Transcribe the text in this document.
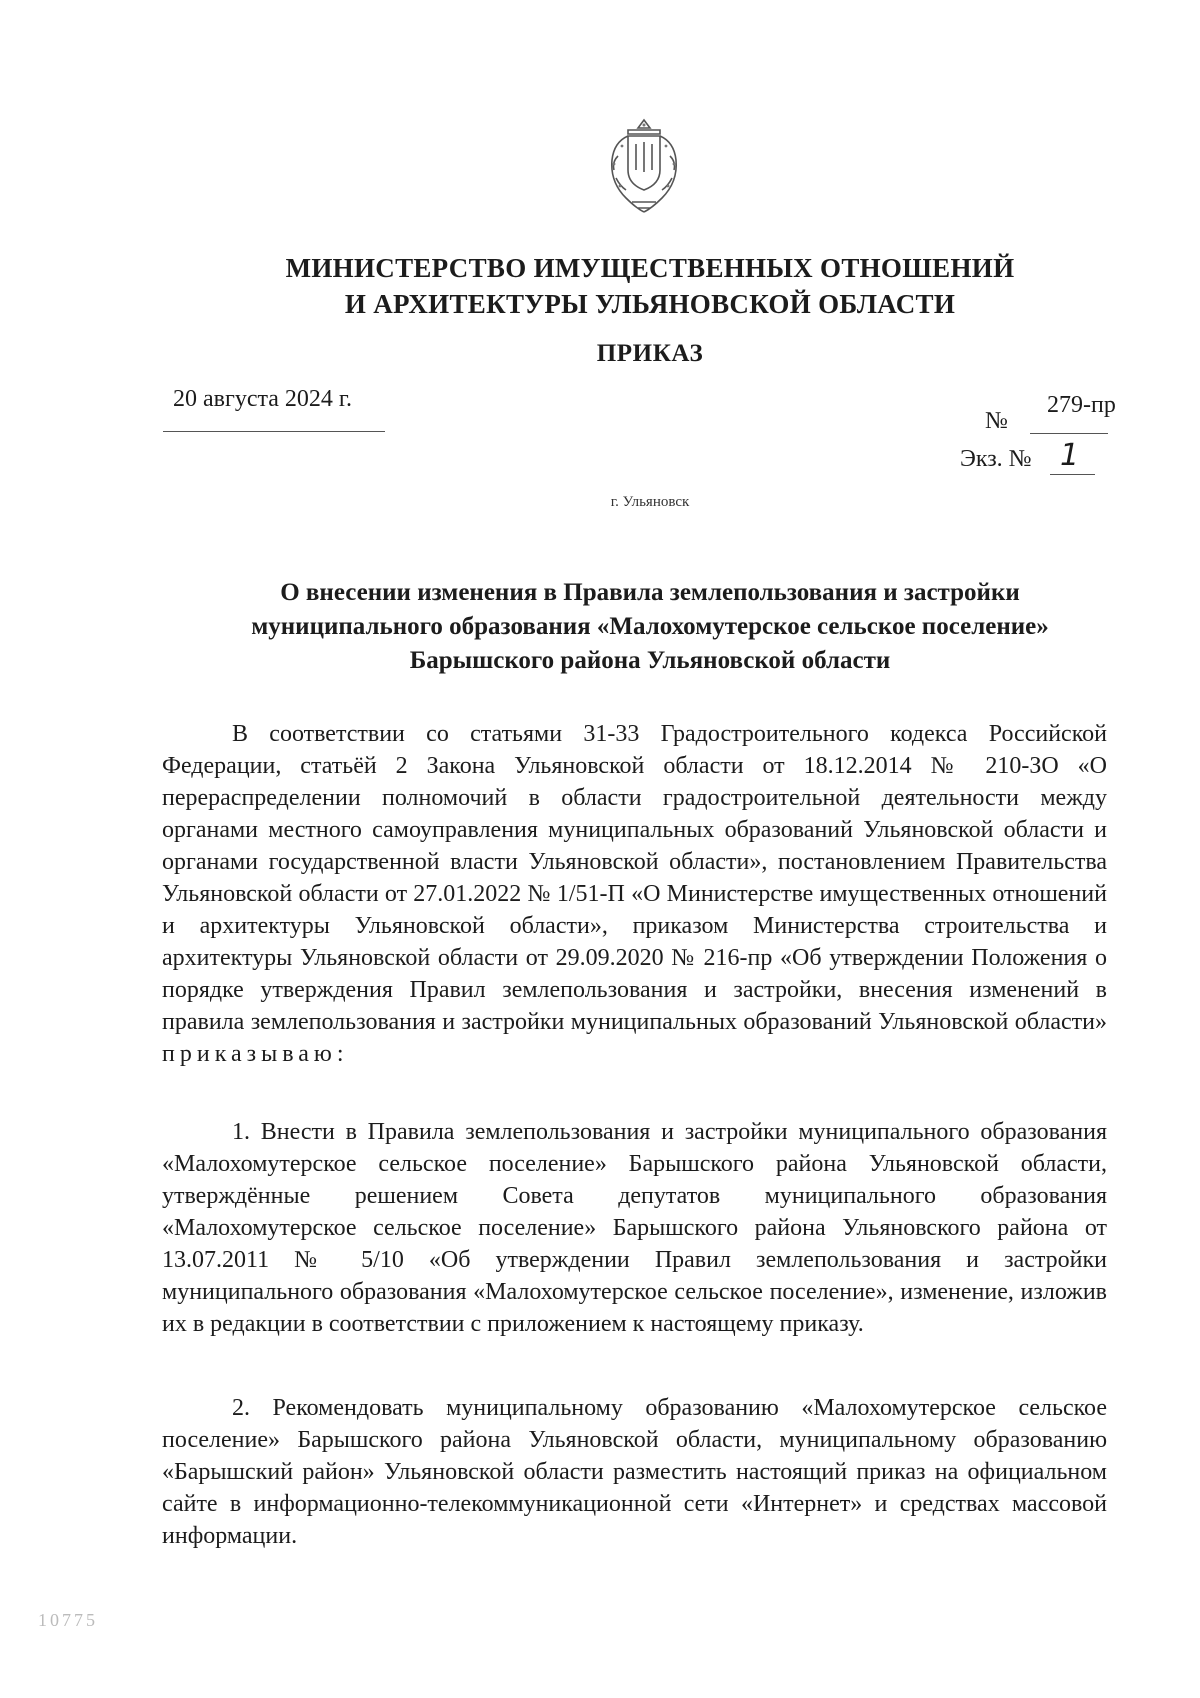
МИНИСТЕРСТВО ИМУЩЕСТВЕННЫХ ОТНОШЕНИЙ
И АРХИТЕКТУРЫ УЛЬЯНОВСКОЙ ОБЛАСТИ
ПРИКАЗ
20 августа 2024 г.
№
279-пр
Экз. № 1
г. Ульяновск
О внесении изменения в Правила землепользования и застройки
муниципального образования «Малохомутерское сельское поселение»
Барышского района Ульяновской области

В соответствии со статьями 31-33 Градостроительного кодекса Российской Федерации, статьёй 2 Закона Ульяновской области от 18.12.2014 № 210-ЗО «О перераспределении полномочий в области градостроительной деятельности между органами местного самоуправления муниципальных образований Ульяновской области и органами государственной власти Ульяновской области», постановлением Правительства Ульяновской области от 27.01.2022 № 1/51-П «О Министерстве имущественных отношений и архитектуры Ульяновской области», приказом Министерства строительства и архитектуры Ульяновской области от 29.09.2020 № 216-пр «Об утверждении Положения о порядке утверждения Правил землепользования и застройки, внесения изменений в правила землепользования и застройки муниципальных образований Ульяновской области» приказываю:

1. Внести в Правила землепользования и застройки муниципального образования «Малохомутерское сельское поселение» Барышского района Ульяновской области, утверждённые решением Совета депутатов муниципального образования «Малохомутерское сельское поселение» Барышского района Ульяновского района от 13.07.2011 № 5/10 «Об утверждении Правил землепользования и застройки муниципального образования «Малохомутерское сельское поселение», изменение, изложив их в редакции в соответствии с приложением к настоящему приказу.

2. Рекомендовать муниципальному образованию «Малохомутерское сельское поселение» Барышского района Ульяновской области, муниципальному образованию «Барышский район» Ульяновской области разместить настоящий приказ на официальном сайте в информационно-телекоммуникационной сети «Интернет» и средствах массовой информации.

10775
